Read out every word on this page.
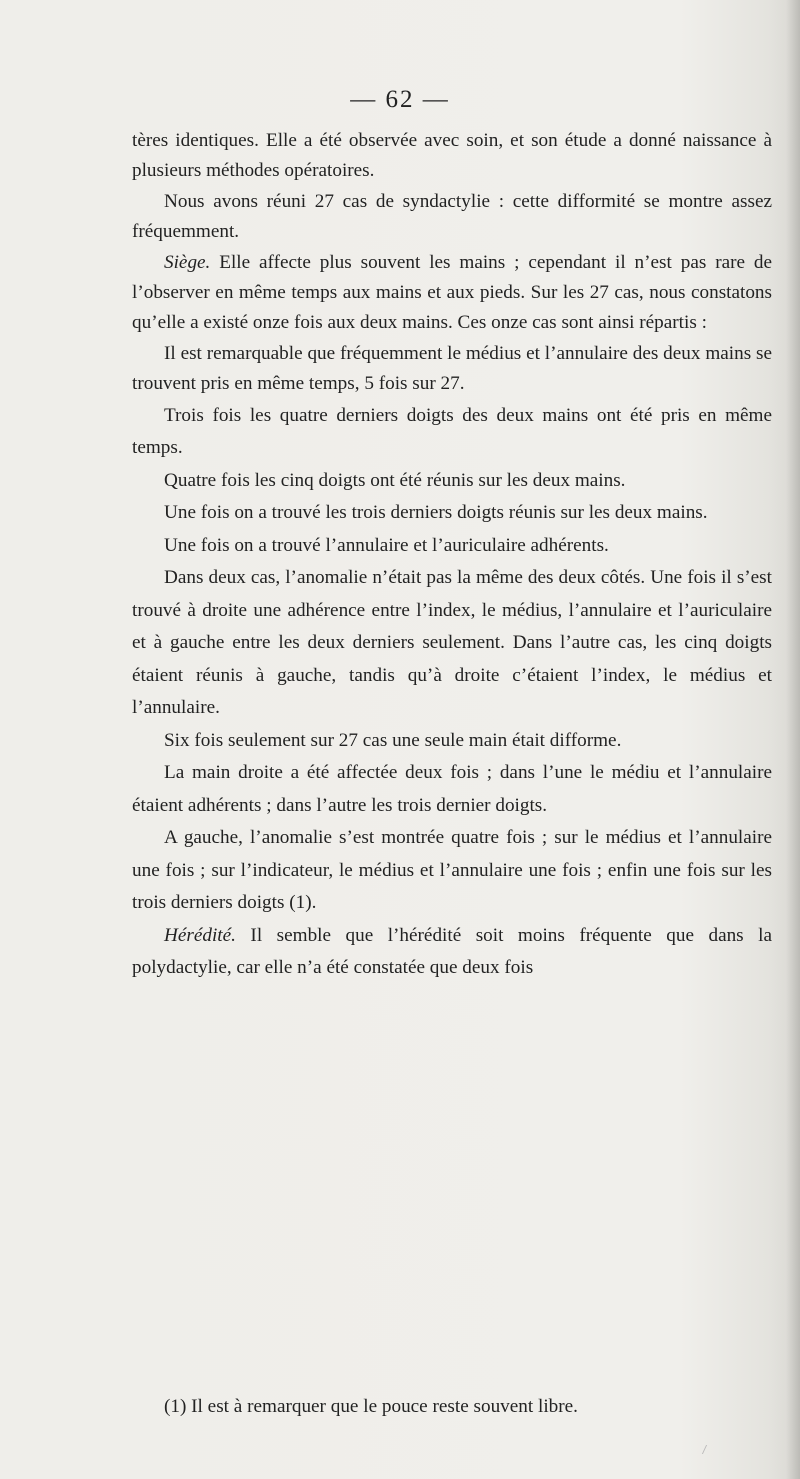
— 62 —

tères identiques. Elle a été observée avec soin, et son étude a donné naissance à plusieurs méthodes opératoires.

Nous avons réuni 27 cas de syndactylie : cette difformité se montre assez fréquemment.

Siège. Elle affecte plus souvent les mains ; cependant il n’est pas rare de l’observer en même temps aux mains et aux pieds. Sur les 27 cas, nous constatons qu’elle a existé onze fois aux deux mains. Ces onze cas sont ainsi répartis :

Il est remarquable que fréquemment le médius et l’annulaire des deux mains se trouvent pris en même temps, 5 fois sur 27.

Trois fois les quatre derniers doigts des deux mains ont été pris en même temps.

Quatre fois les cinq doigts ont été réunis sur les deux mains.

Une fois on a trouvé les trois derniers doigts réunis sur les deux mains.

Une fois on a trouvé l’annulaire et l’auriculaire adhérents.

Dans deux cas, l’anomalie n’était pas la même des deux côtés. Une fois il s’est trouvé à droite une adhérence entre l’index, le médius, l’annulaire et l’auriculaire et à gauche entre les deux derniers seulement. Dans l’autre cas, les cinq doigts étaient réunis à gauche, tandis qu’à droite c’étaient l’index, le médius et l’annulaire.

Six fois seulement sur 27 cas une seule main était difforme.

La main droite a été affectée deux fois ; dans l’une le médiu et l’annulaire étaient adhérents ; dans l’autre les trois dernier doigts.

A gauche, l’anomalie s’est montrée quatre fois ; sur le médius et l’annulaire une fois ; sur l’indicateur, le médius et l’annulaire une fois ; enfin une fois sur les trois derniers doigts (1).

Hérédité. Il semble que l’hérédité soit moins fréquente que dans la polydactylie, car elle n’a été constatée que deux fois

(1) Il est à remarquer que le pouce reste souvent libre.
